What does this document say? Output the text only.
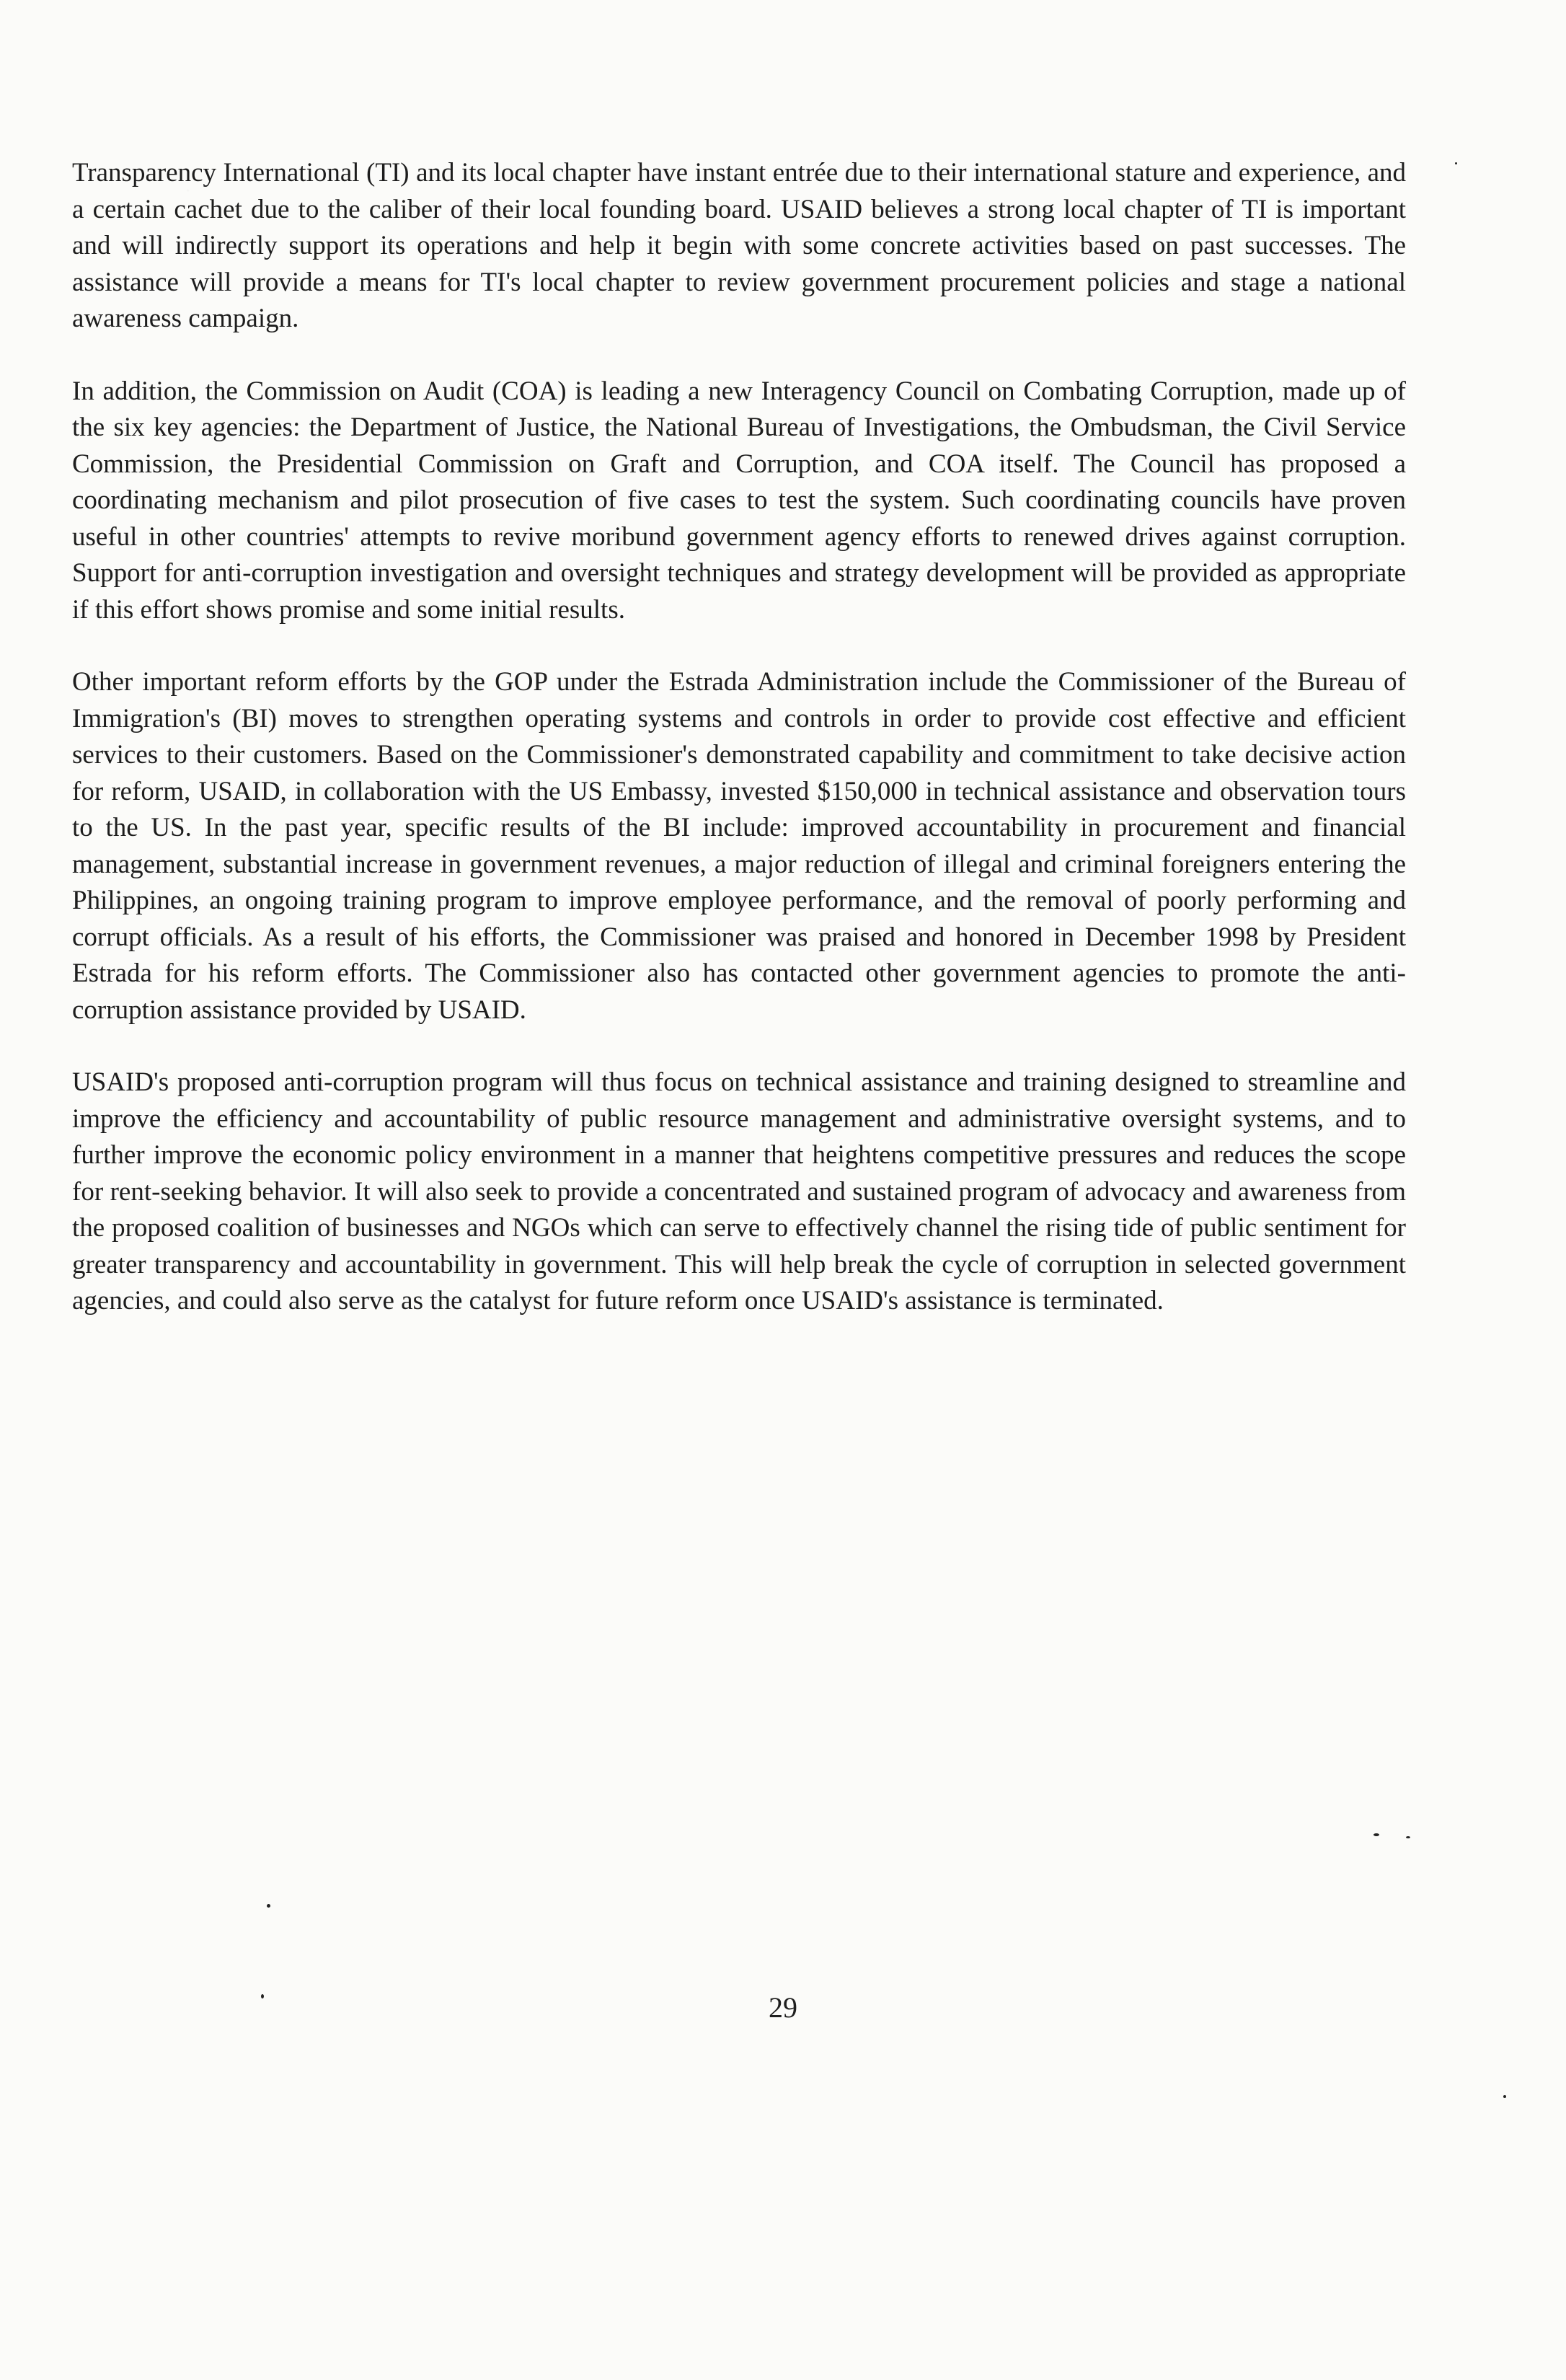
Transparency International (TI) and its local chapter have instant entrée due to their international stature and experience, and a certain cachet due to the caliber of their local founding board. USAID believes a strong local chapter of TI is important and will indirectly support its operations and help it begin with some concrete activities based on past successes. The assistance will provide a means for TI's local chapter to review government procurement policies and stage a national awareness campaign.

In addition, the Commission on Audit (COA) is leading a new Interagency Council on Combating Corruption, made up of the six key agencies: the Department of Justice, the National Bureau of Investigations, the Ombudsman, the Civil Service Commission, the Presidential Commission on Graft and Corruption, and COA itself. The Council has proposed a coordinating mechanism and pilot prosecution of five cases to test the system. Such coordinating councils have proven useful in other countries' attempts to revive moribund government agency efforts to renewed drives against corruption. Support for anti-corruption investigation and oversight techniques and strategy development will be provided as appropriate if this effort shows promise and some initial results.

Other important reform efforts by the GOP under the Estrada Administration include the Commissioner of the Bureau of Immigration's (BI) moves to strengthen operating systems and controls in order to provide cost effective and efficient services to their customers. Based on the Commissioner's demonstrated capability and commitment to take decisive action for reform, USAID, in collaboration with the US Embassy, invested $150,000 in technical assistance and observation tours to the US. In the past year, specific results of the BI include: improved accountability in procurement and financial management, substantial increase in government revenues, a major reduction of illegal and criminal foreigners entering the Philippines, an ongoing training program to improve employee performance, and the removal of poorly performing and corrupt officials. As a result of his efforts, the Commissioner was praised and honored in December 1998 by President Estrada for his reform efforts. The Commissioner also has contacted other government agencies to promote the anti-corruption assistance provided by USAID.

USAID's proposed anti-corruption program will thus focus on technical assistance and training designed to streamline and improve the efficiency and accountability of public resource management and administrative oversight systems, and to further improve the economic policy environment in a manner that heightens competitive pressures and reduces the scope for rent-seeking behavior. It will also seek to provide a concentrated and sustained program of advocacy and awareness from the proposed coalition of businesses and NGOs which can serve to effectively channel the rising tide of public sentiment for greater transparency and accountability in government. This will help break the cycle of corruption in selected government agencies, and could also serve as the catalyst for future reform once USAID's assistance is terminated.

29
